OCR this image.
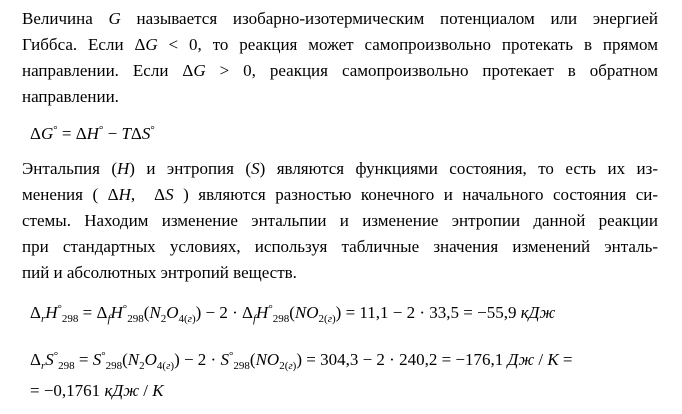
Величина G называется изобарно-изотермическим потенциалом или энергией
Гиббса. Если ΔG < 0, то реакция может самопроизвольно протекать в прямом
направлении. Если ΔG > 0, реакция самопроизвольно протекает в обратном
направлении.
ΔG° = ΔH° − TΔS°
Энтальпия (H) и энтропия (S) являются функциями состояния, то есть их из-
менения ( ΔH,  ΔS ) являются разностью конечного и начального состояния си-
стемы. Находим изменение энтальпии и изменение энтропии данной реакции
при стандартных условиях, используя табличные значения изменений энталь-
пий и абсолютных энтропий веществ.
$\Delta_rH^\circ_{298} = \Delta_fH^\circ_{298}(N_2O_{4(г)}) - 2 \cdot \Delta_fH^\circ_{298}(NO_{2(г)}) = 11,1 - 2 \cdot 33,5 = -55,9$ кДж
$\Delta_rS^\circ_{298} = S^\circ_{298}(N_2O_{4(г)}) - 2 \cdot S^\circ_{298}(NO_{2(г)}) = 304,3 - 2 \cdot 240,2 = -176,1$ Дж / К =
= −0,1761 кДж / К
